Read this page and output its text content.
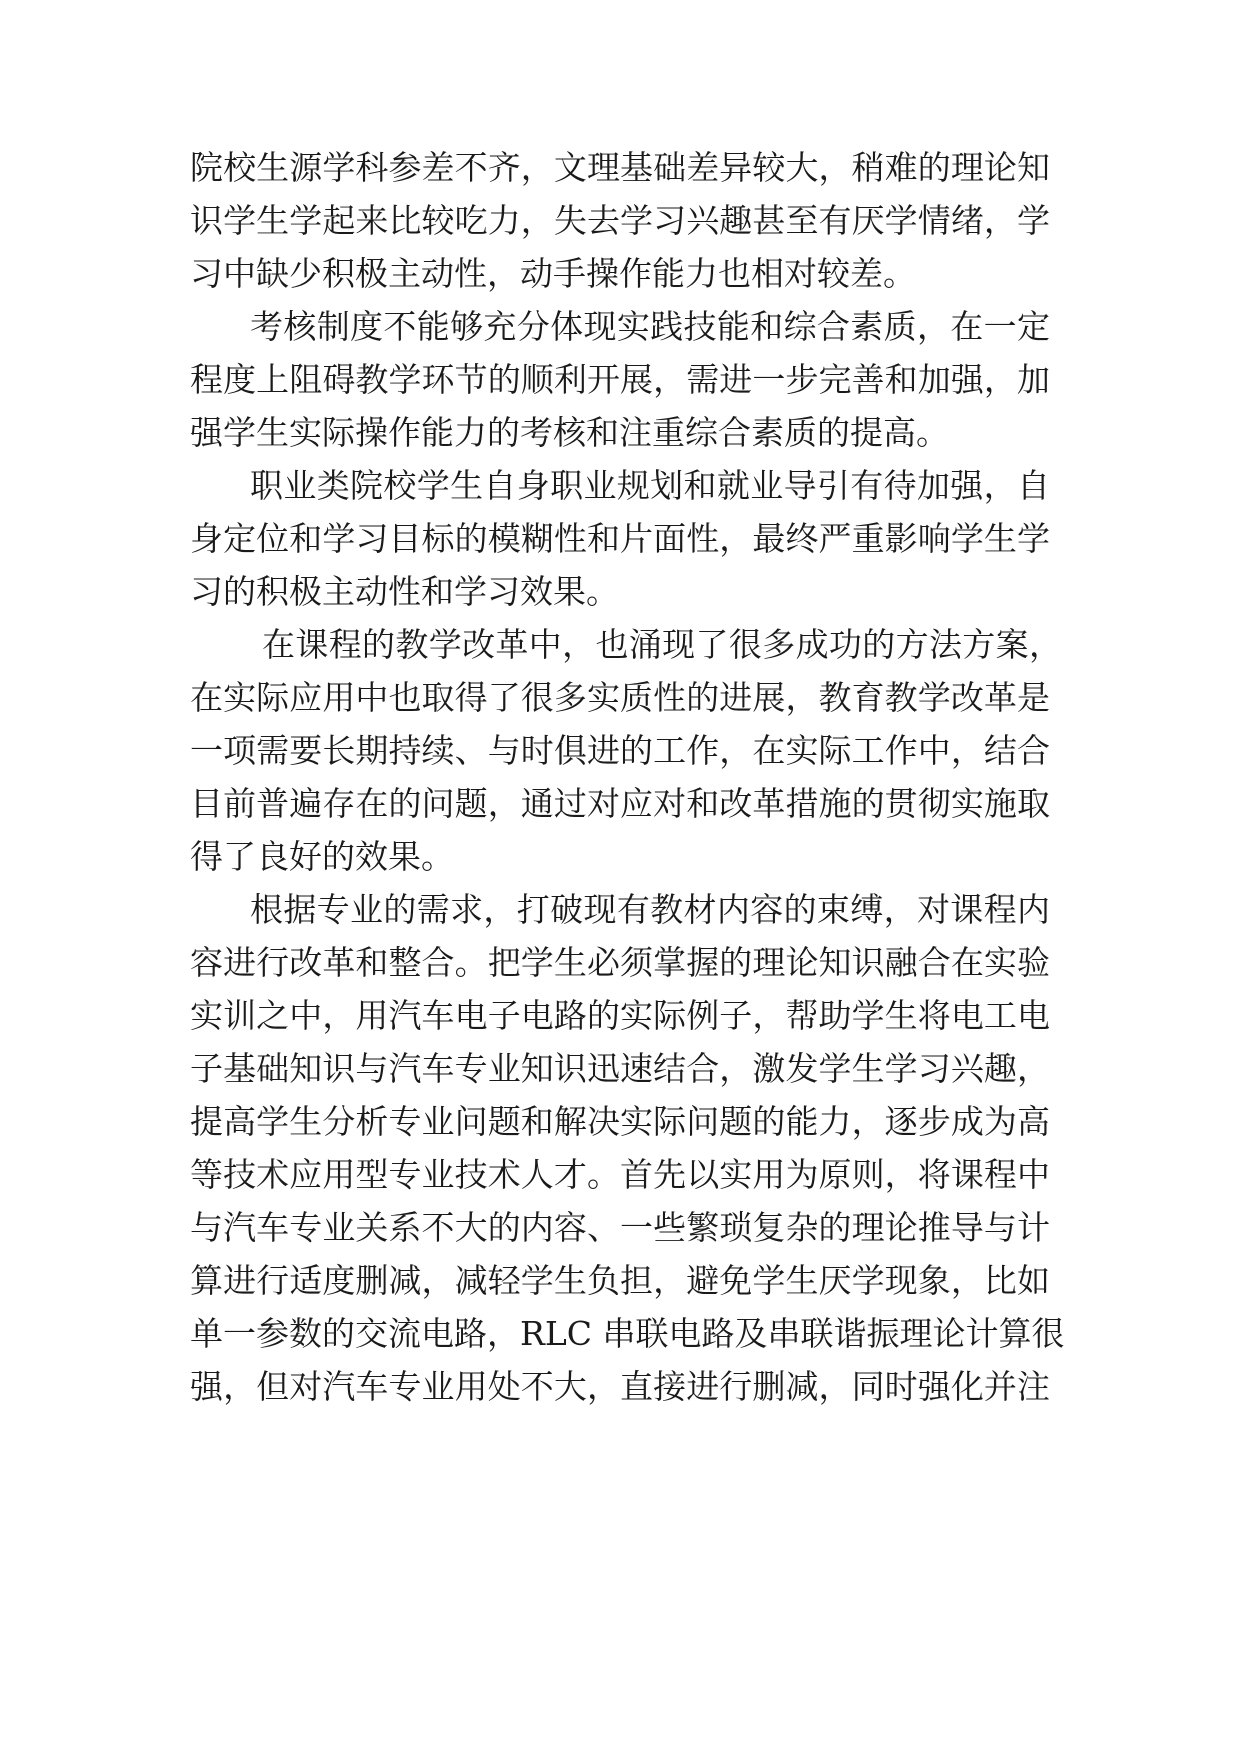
院校生源学科参差不齐，文理基础差异较大，稍难的理论知
识学生学起来比较吃力，失去学习兴趣甚至有厌学情绪，学
习中缺少积极主动性，动手操作能力也相对较差。
考核制度不能够充分体现实践技能和综合素质，在一定
程度上阻碍教学环节的顺利开展，需进一步完善和加强，加
强学生实际操作能力的考核和注重综合素质的提高。
职业类院校学生自身职业规划和就业导引有待加强，自
身定位和学习目标的模糊性和片面性，最终严重影响学生学
习的积极主动性和学习效果。
在课程的教学改革中，也涌现了很多成功的方法方案，
在实际应用中也取得了很多实质性的进展，教育教学改革是
一项需要长期持续、与时俱进的工作，在实际工作中，结合
目前普遍存在的问题，通过对应对和改革措施的贯彻实施取
得了良好的效果。
根据专业的需求，打破现有教材内容的束缚，对课程内
容进行改革和整合。把学生必须掌握的理论知识融合在实验
实训之中，用汽车电子电路的实际例子，帮助学生将电工电
子基础知识与汽车专业知识迅速结合，激发学生学习兴趣，
提高学生分析专业问题和解决实际问题的能力，逐步成为高
等技术应用型专业技术人才。首先以实用为原则，将课程中
与汽车专业关系不大的内容、一些繁琐复杂的理论推导与计
算进行适度删减，减轻学生负担，避免学生厌学现象，比如
单一参数的交流电路，RLC 串联电路及串联谐振理论计算很
强，但对汽车专业用处不大，直接进行删减，同时强化并注
